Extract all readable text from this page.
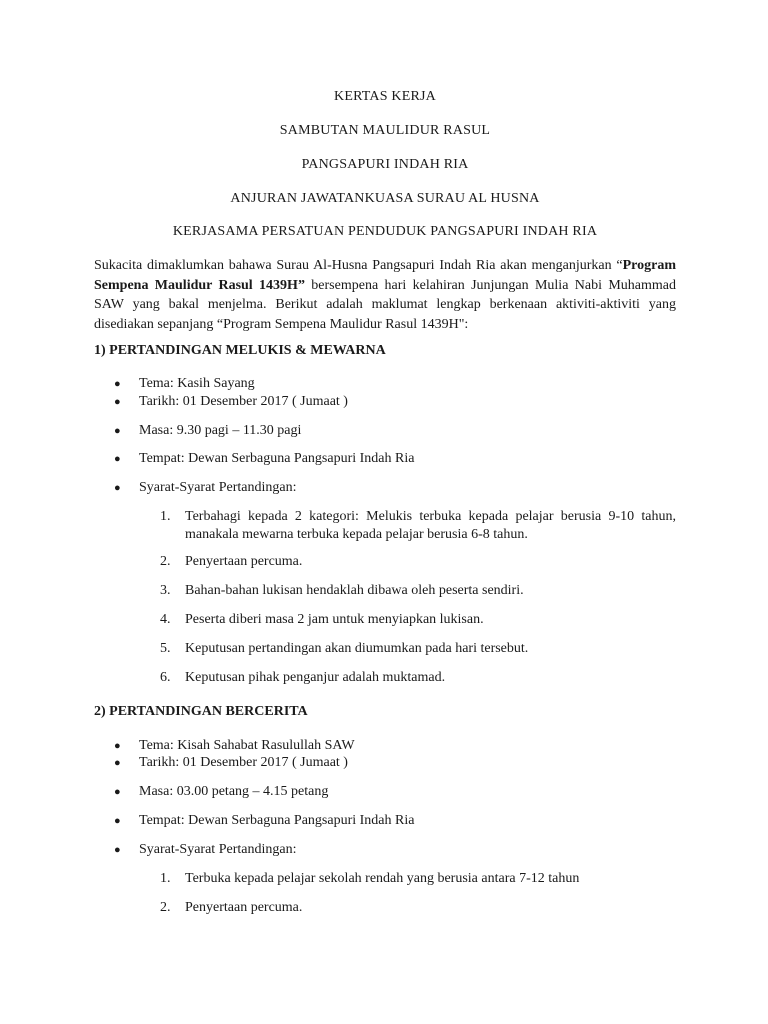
KERTAS KERJA
SAMBUTAN MAULIDUR RASUL
PANGSAPURI INDAH RIA
ANJURAN JAWATANKUASA SURAU AL HUSNA
KERJASAMA PERSATUAN PENDUDUK PANGSAPURI INDAH RIA
Sukacita dimaklumkan bahawa Surau Al-Husna Pangsapuri Indah Ria akan menganjurkan “Program Sempena Maulidur Rasul 1439H” bersempena hari kelahiran Junjungan Mulia Nabi Muhammad SAW yang bakal menjelma. Berikut adalah maklumat lengkap berkenaan aktiviti-aktiviti yang disediakan sepanjang “Program Sempena Maulidur Rasul 1439H":
1) PERTANDINGAN MELUKIS & MEWARNA
● Tema: Kasih Sayang
● Tarikh: 01 Desember 2017 ( Jumaat )
● Masa: 9.30 pagi – 11.30 pagi
● Tempat: Dewan Serbaguna Pangsapuri Indah Ria
● Syarat-Syarat Pertandingan:
1. Terbahagi kepada 2 kategori: Melukis terbuka kepada pelajar berusia 9-10 tahun, manakala mewarna terbuka kepada pelajar berusia 6-8 tahun.
2. Penyertaan percuma.
3. Bahan-bahan lukisan hendaklah dibawa oleh peserta sendiri.
4. Peserta diberi masa 2 jam untuk menyiapkan lukisan.
5. Keputusan pertandingan akan diumumkan pada hari tersebut.
6. Keputusan pihak penganjur adalah muktamad.
2) PERTANDINGAN BERCERITA
● Tema: Kisah Sahabat Rasulullah SAW
● Tarikh: 01 Desember 2017 ( Jumaat )
● Masa: 03.00 petang – 4.15 petang
● Tempat: Dewan Serbaguna Pangsapuri Indah Ria
● Syarat-Syarat Pertandingan:
1. Terbuka kepada pelajar sekolah rendah yang berusia antara 7-12 tahun
2. Penyertaan percuma.
